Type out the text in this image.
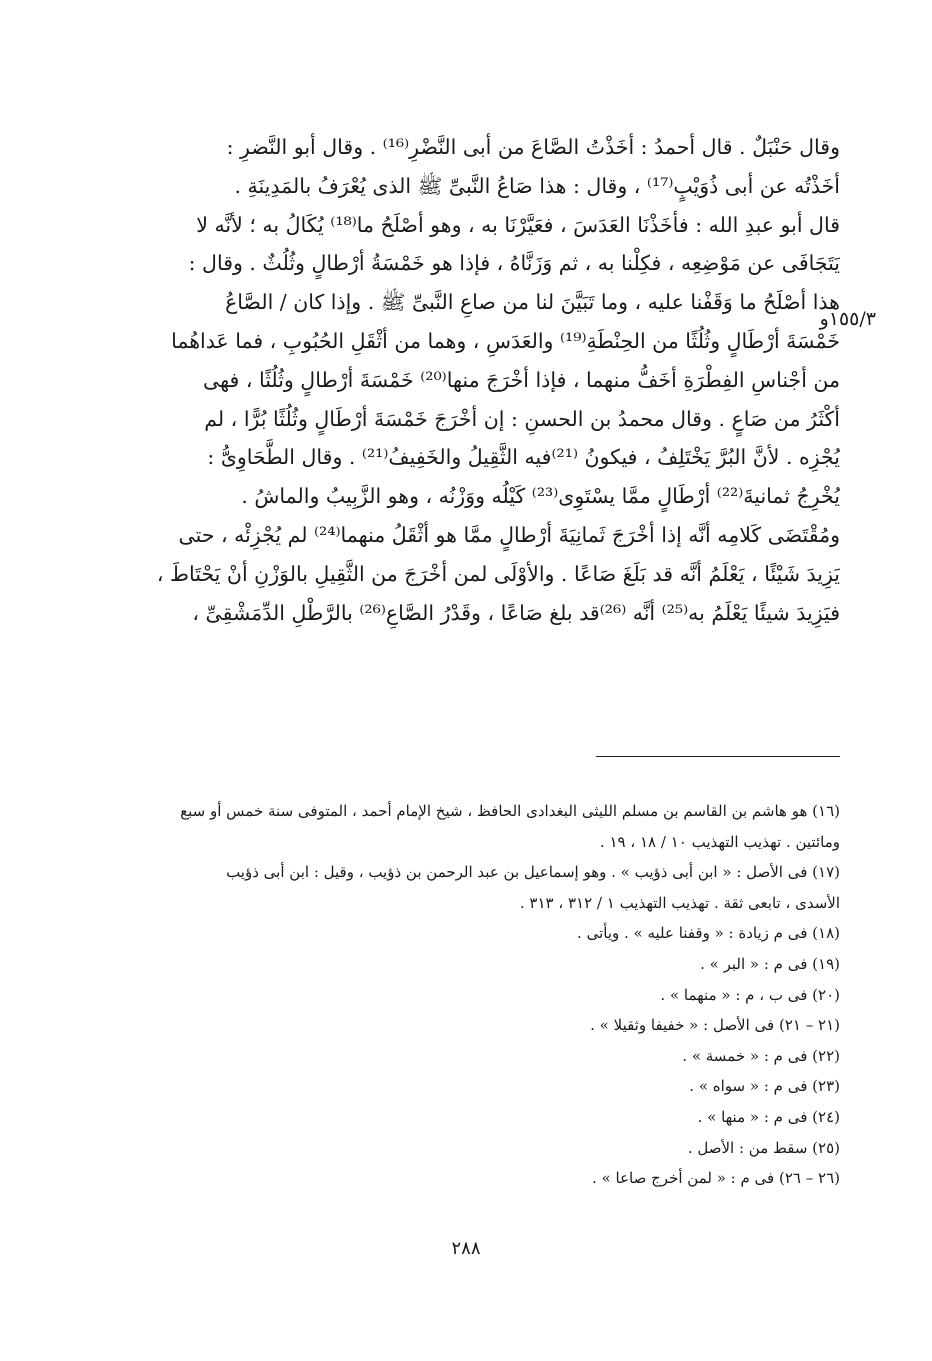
١٥٥/٣و
وقال حَنْبَلٌ . قال أحمدُ : أخَذْتُ الصَّاعَ من أبى النَّضْرِ⁽¹⁶⁾ . وقال أبو النَّضرِ :
أخَذْتُه عن أبى ذُوَيْبٍ⁽¹⁷⁾ ، وقال : هذا صَاعُ النَّبىِّ ﷺ الذى يُعْرَفُ بالمَدِينَةِ .
قال أبو عبدِ الله : فأخَذْنَا العَدَسَ ، فعَيَّرْنَا به ، وهو أصْلَحُ ما⁽¹⁸⁾ يُكَالُ به ؛ لأنَّه لا
يَتَجَافَى عن مَوْضِعِه ، فكِلْنا به ، ثم وَزَنَّاهُ ، فإذا هو خَمْسَةُ أرْطالٍ وثُلُثٌ . وقال :
هذا أصْلَحُ ما وَقَفْنا عليه ، وما تَبَيَّنَ لنا من صاعِ النَّبىِّ ﷺ . وإذا كان / الصَّاعُ
خَمْسَةَ أرْطَالٍ وثُلُثًا من الحِنْطَةِ⁽¹⁹⁾ والعَدَسِ ، وهما من أثْقَلِ الحُبُوبِ ، فما عَداهُما
من أجْناسِ الفِطْرَةِ أخَفُّ منهما ، فإذا أخْرَجَ منها⁽²⁰⁾ خَمْسَةَ أرْطالٍ وثُلُثًا ، فهى
أكْثَرُ من صَاعٍ . وقال محمدُ بن الحسنِ : إن أخْرَجَ خَمْسَةَ أرْطَالٍ وثُلُثًا بُرًّا ، لم
يُجْزِه . لأنَّ البُرَّ يَخْتَلِفُ ، فيكونُ ⁽²¹⁾فيه الثَّقِيلُ والخَفِيفُ⁽²¹⁾ . وقال الطَّحَاوِىُّ :
يُخْرِجُ ثمانيةَ⁽²²⁾ أرْطَالٍ ممَّا يسْتَوِى⁽²³⁾ كَيْلُه ووَزْنُه ، وهو الزَّبِيبُ والماشُ .
ومُقْتَضَى كَلامِه أنَّه إذا أخْرَجَ ثَمانِيَةَ أرْطالٍ ممَّا هو أثْقَلُ منهما⁽²⁴⁾ لم يُجْزِئْه ، حتى
يَزِيدَ شَيْئًا ، يَعْلَمُ أنَّه قد بَلَغَ صَاعًا . والأوْلَى لمن أخْرَجَ من الثَّقِيلِ بالوَزْنِ أنْ يَحْتَاطَ ،
فيَزِيدَ شيئًا يَعْلَمُ به⁽²⁵⁾ أنَّه ⁽²⁶⁾قد بلغ صَاعًا ، وقَدْرُ الصَّاعِ⁽²⁶⁾ بالرَّطْلِ الدِّمَشْقِىِّ ،
(١٦) هو هاشم بن القاسم بن مسلم الليثى البغدادى الحافظ ، شيخ الإمام أحمد ، المتوفى سنة خمس أو سبع
ومائتين . تهذيب التهذيب ١٠ / ١٨ ، ١٩ .
(١٧) فى الأصل : « ابن أبى ذؤيب » . وهو إسماعيل بن عبد الرحمن بن ذؤيب ، وقيل : ابن أبى ذؤيب
الأسدى ، تابعى ثقة . تهذيب التهذيب ١ / ٣١٢ ، ٣١٣ .
(١٨) فى م زيادة : « وقفنا عليه » . ويأتى .
(١٩) فى م : « البر » .
(٢٠) فى ب ، م : « منهما » .
(٢١ – ٢١) فى الأصل : « خفيفا وثقيلا » .
(٢٢) فى م : « خمسة » .
(٢٣) فى م : « سواه » .
(٢٤) فى م : « منها » .
(٢٥) سقط من : الأصل .
(٢٦ – ٢٦) فى م : « لمن أخرج صاعا » .
٢٨٨
